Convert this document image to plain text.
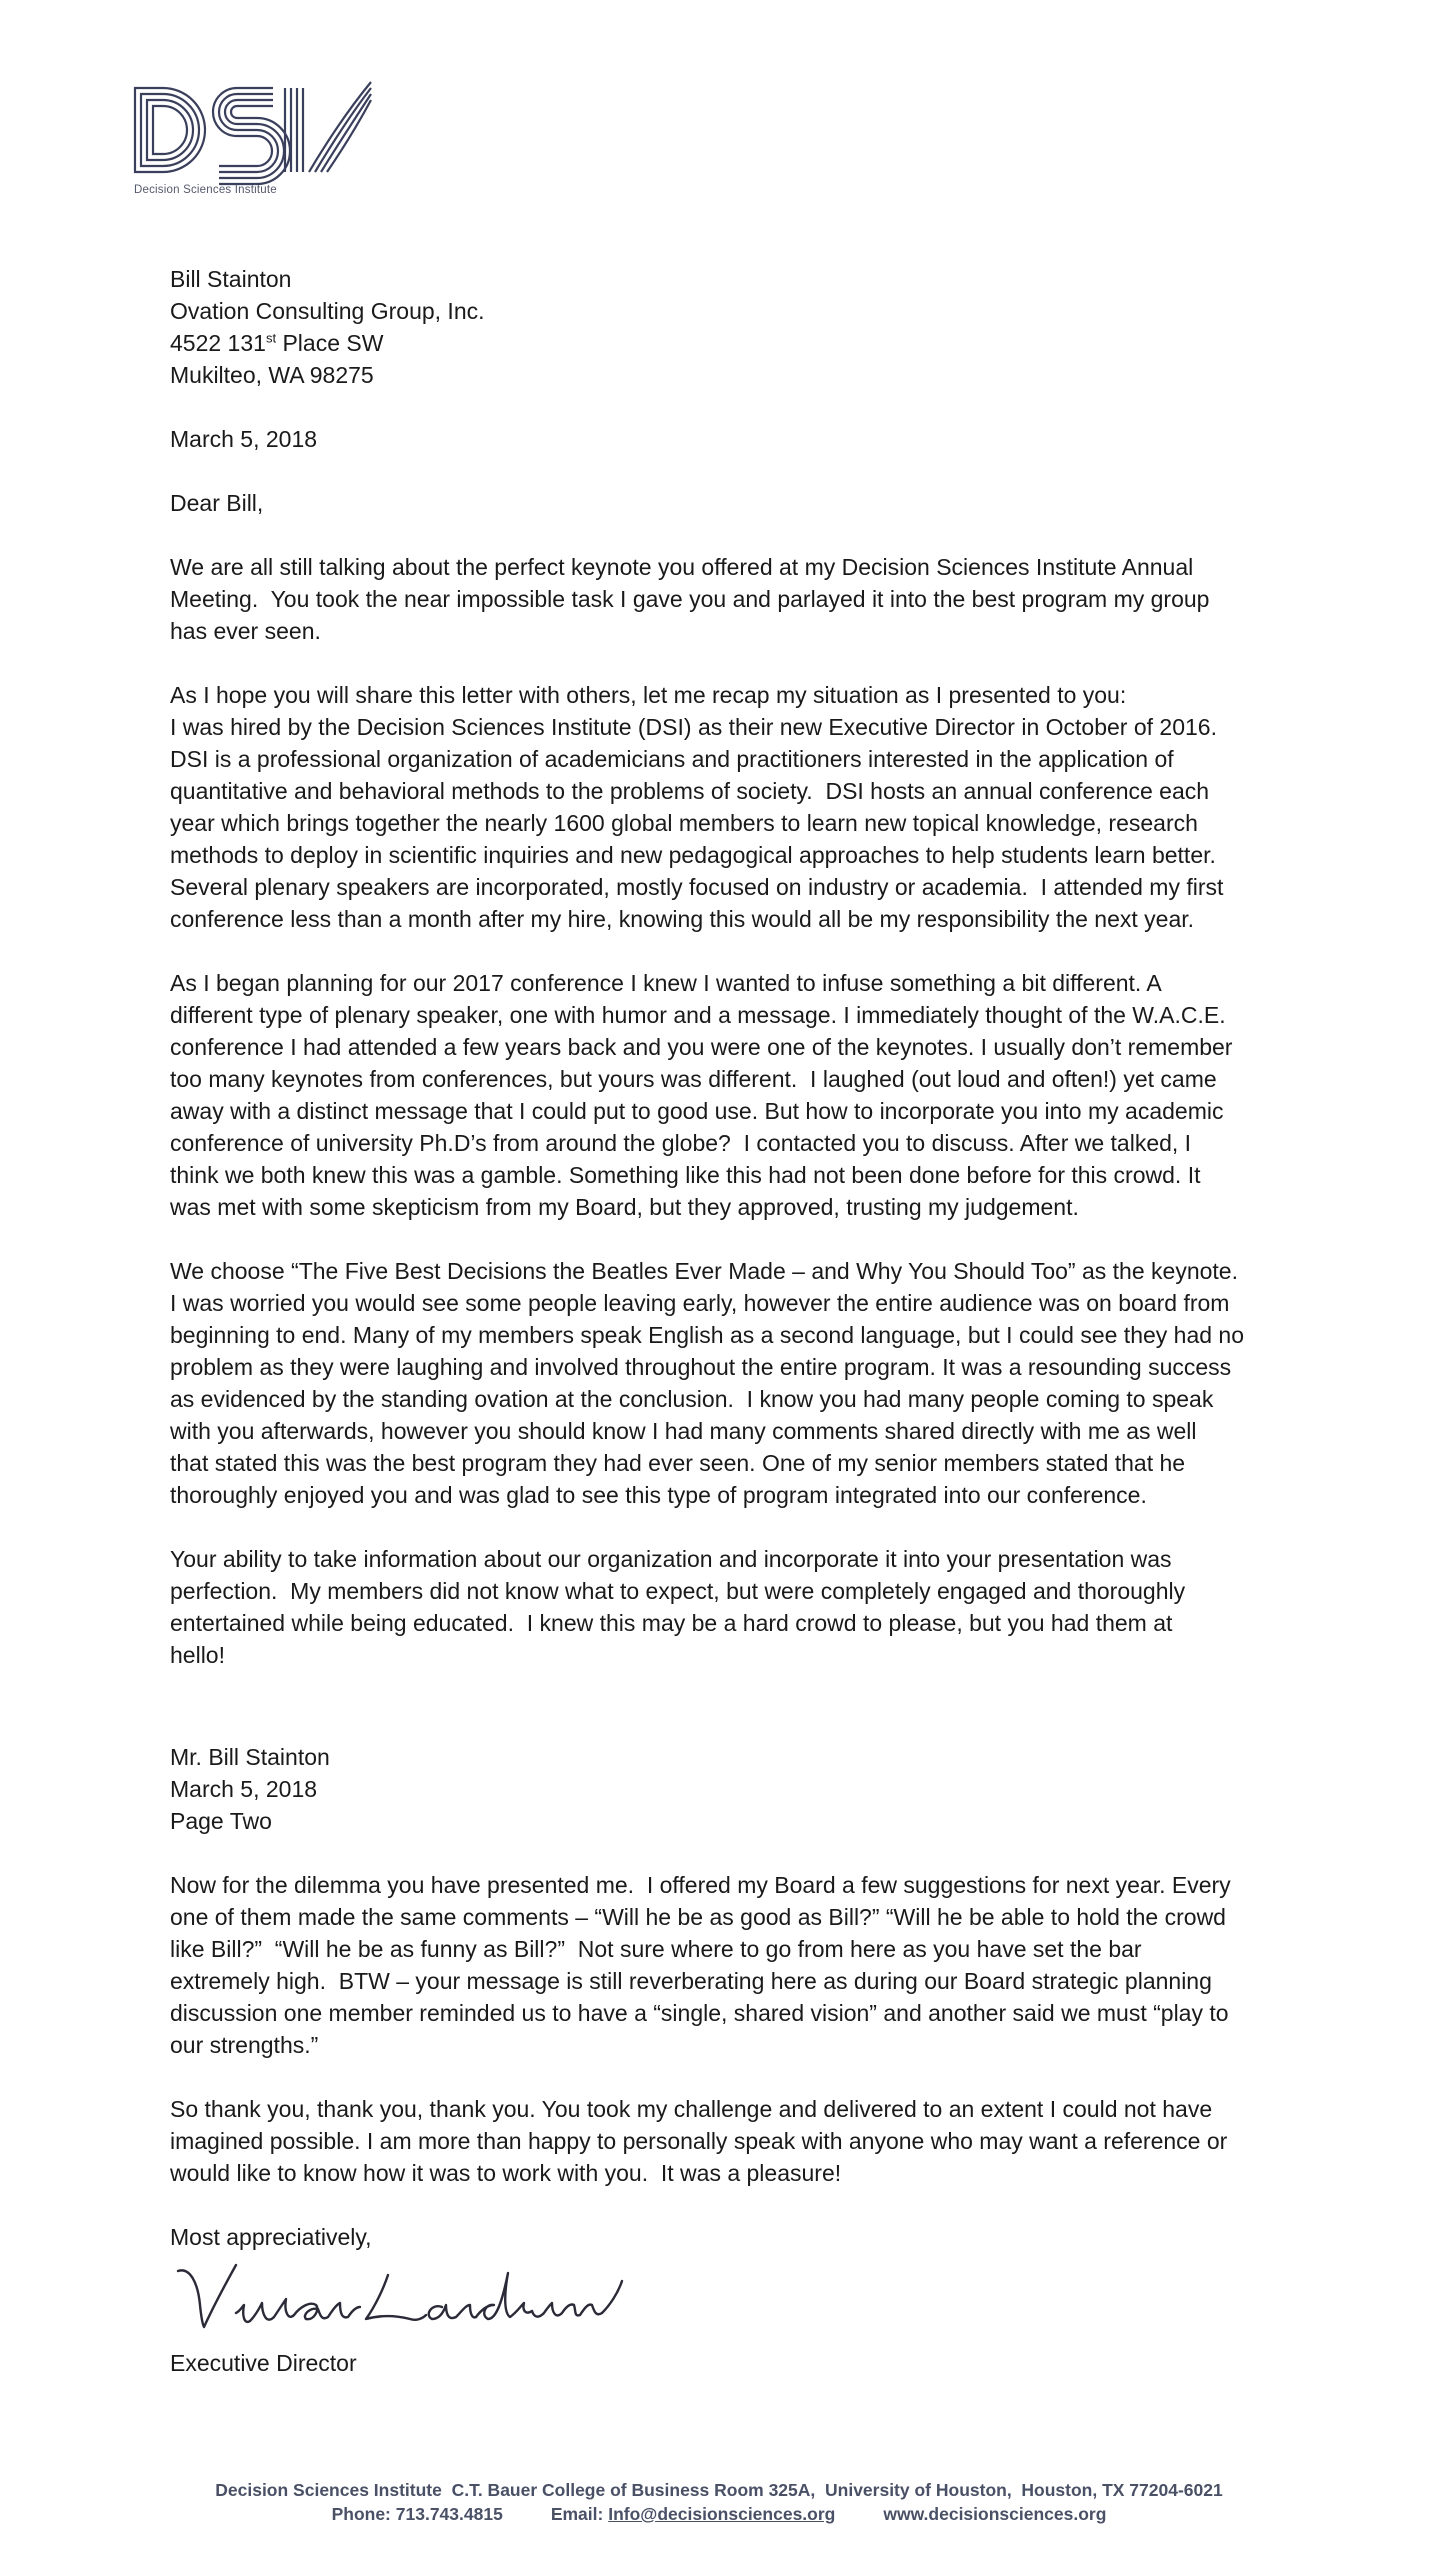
Decision Sciences Institute
Bill Stainton
Ovation Consulting Group, Inc.
4522 131st Place SW
Mukilteo, WA 98275
March 5, 2018
Dear Bill,
We are all still talking about the perfect keynote you offered at my Decision Sciences Institute Annual
Meeting.  You took the near impossible task I gave you and parlayed it into the best program my group
has ever seen.
As I hope you will share this letter with others, let me recap my situation as I presented to you:
I was hired by the Decision Sciences Institute (DSI) as their new Executive Director in October of 2016.
DSI is a professional organization of academicians and practitioners interested in the application of
quantitative and behavioral methods to the problems of society.  DSI hosts an annual conference each
year which brings together the nearly 1600 global members to learn new topical knowledge, research
methods to deploy in scientific inquiries and new pedagogical approaches to help students learn better.
Several plenary speakers are incorporated, mostly focused on industry or academia.  I attended my first
conference less than a month after my hire, knowing this would all be my responsibility the next year.
As I began planning for our 2017 conference I knew I wanted to infuse something a bit different. A
different type of plenary speaker, one with humor and a message. I immediately thought of the W.A.C.E.
conference I had attended a few years back and you were one of the keynotes. I usually don’t remember
too many keynotes from conferences, but yours was different.  I laughed (out loud and often!) yet came
away with a distinct message that I could put to good use. But how to incorporate you into my academic
conference of university Ph.D’s from around the globe?  I contacted you to discuss. After we talked, I
think we both knew this was a gamble. Something like this had not been done before for this crowd. It
was met with some skepticism from my Board, but they approved, trusting my judgement.
We choose “The Five Best Decisions the Beatles Ever Made – and Why You Should Too” as the keynote.
I was worried you would see some people leaving early, however the entire audience was on board from
beginning to end. Many of my members speak English as a second language, but I could see they had no
problem as they were laughing and involved throughout the entire program. It was a resounding success
as evidenced by the standing ovation at the conclusion.  I know you had many people coming to speak
with you afterwards, however you should know I had many comments shared directly with me as well
that stated this was the best program they had ever seen. One of my senior members stated that he
thoroughly enjoyed you and was glad to see this type of program integrated into our conference.
Your ability to take information about our organization and incorporate it into your presentation was
perfection.  My members did not know what to expect, but were completely engaged and thoroughly
entertained while being educated.  I knew this may be a hard crowd to please, but you had them at
hello!
Mr. Bill Stainton
March 5, 2018
Page Two
Now for the dilemma you have presented me.  I offered my Board a few suggestions for next year. Every
one of them made the same comments – “Will he be as good as Bill?” “Will he be able to hold the crowd
like Bill?”  “Will he be as funny as Bill?”  Not sure where to go from here as you have set the bar
extremely high.  BTW – your message is still reverberating here as during our Board strategic planning
discussion one member reminded us to have a “single, shared vision” and another said we must “play to
our strengths.”
So thank you, thank you, thank you. You took my challenge and delivered to an extent I could not have
imagined possible. I am more than happy to personally speak with anyone who may want a reference or
would like to know how it was to work with you.  It was a pleasure!
Most appreciatively,
Executive Director
Decision Sciences Institute  C.T. Bauer College of Business Room 325A,  University of Houston,  Houston, TX 77204-6021
Phone: 713.743.4815	Email: Info@decisionsciences.org	www.decisionsciences.org
